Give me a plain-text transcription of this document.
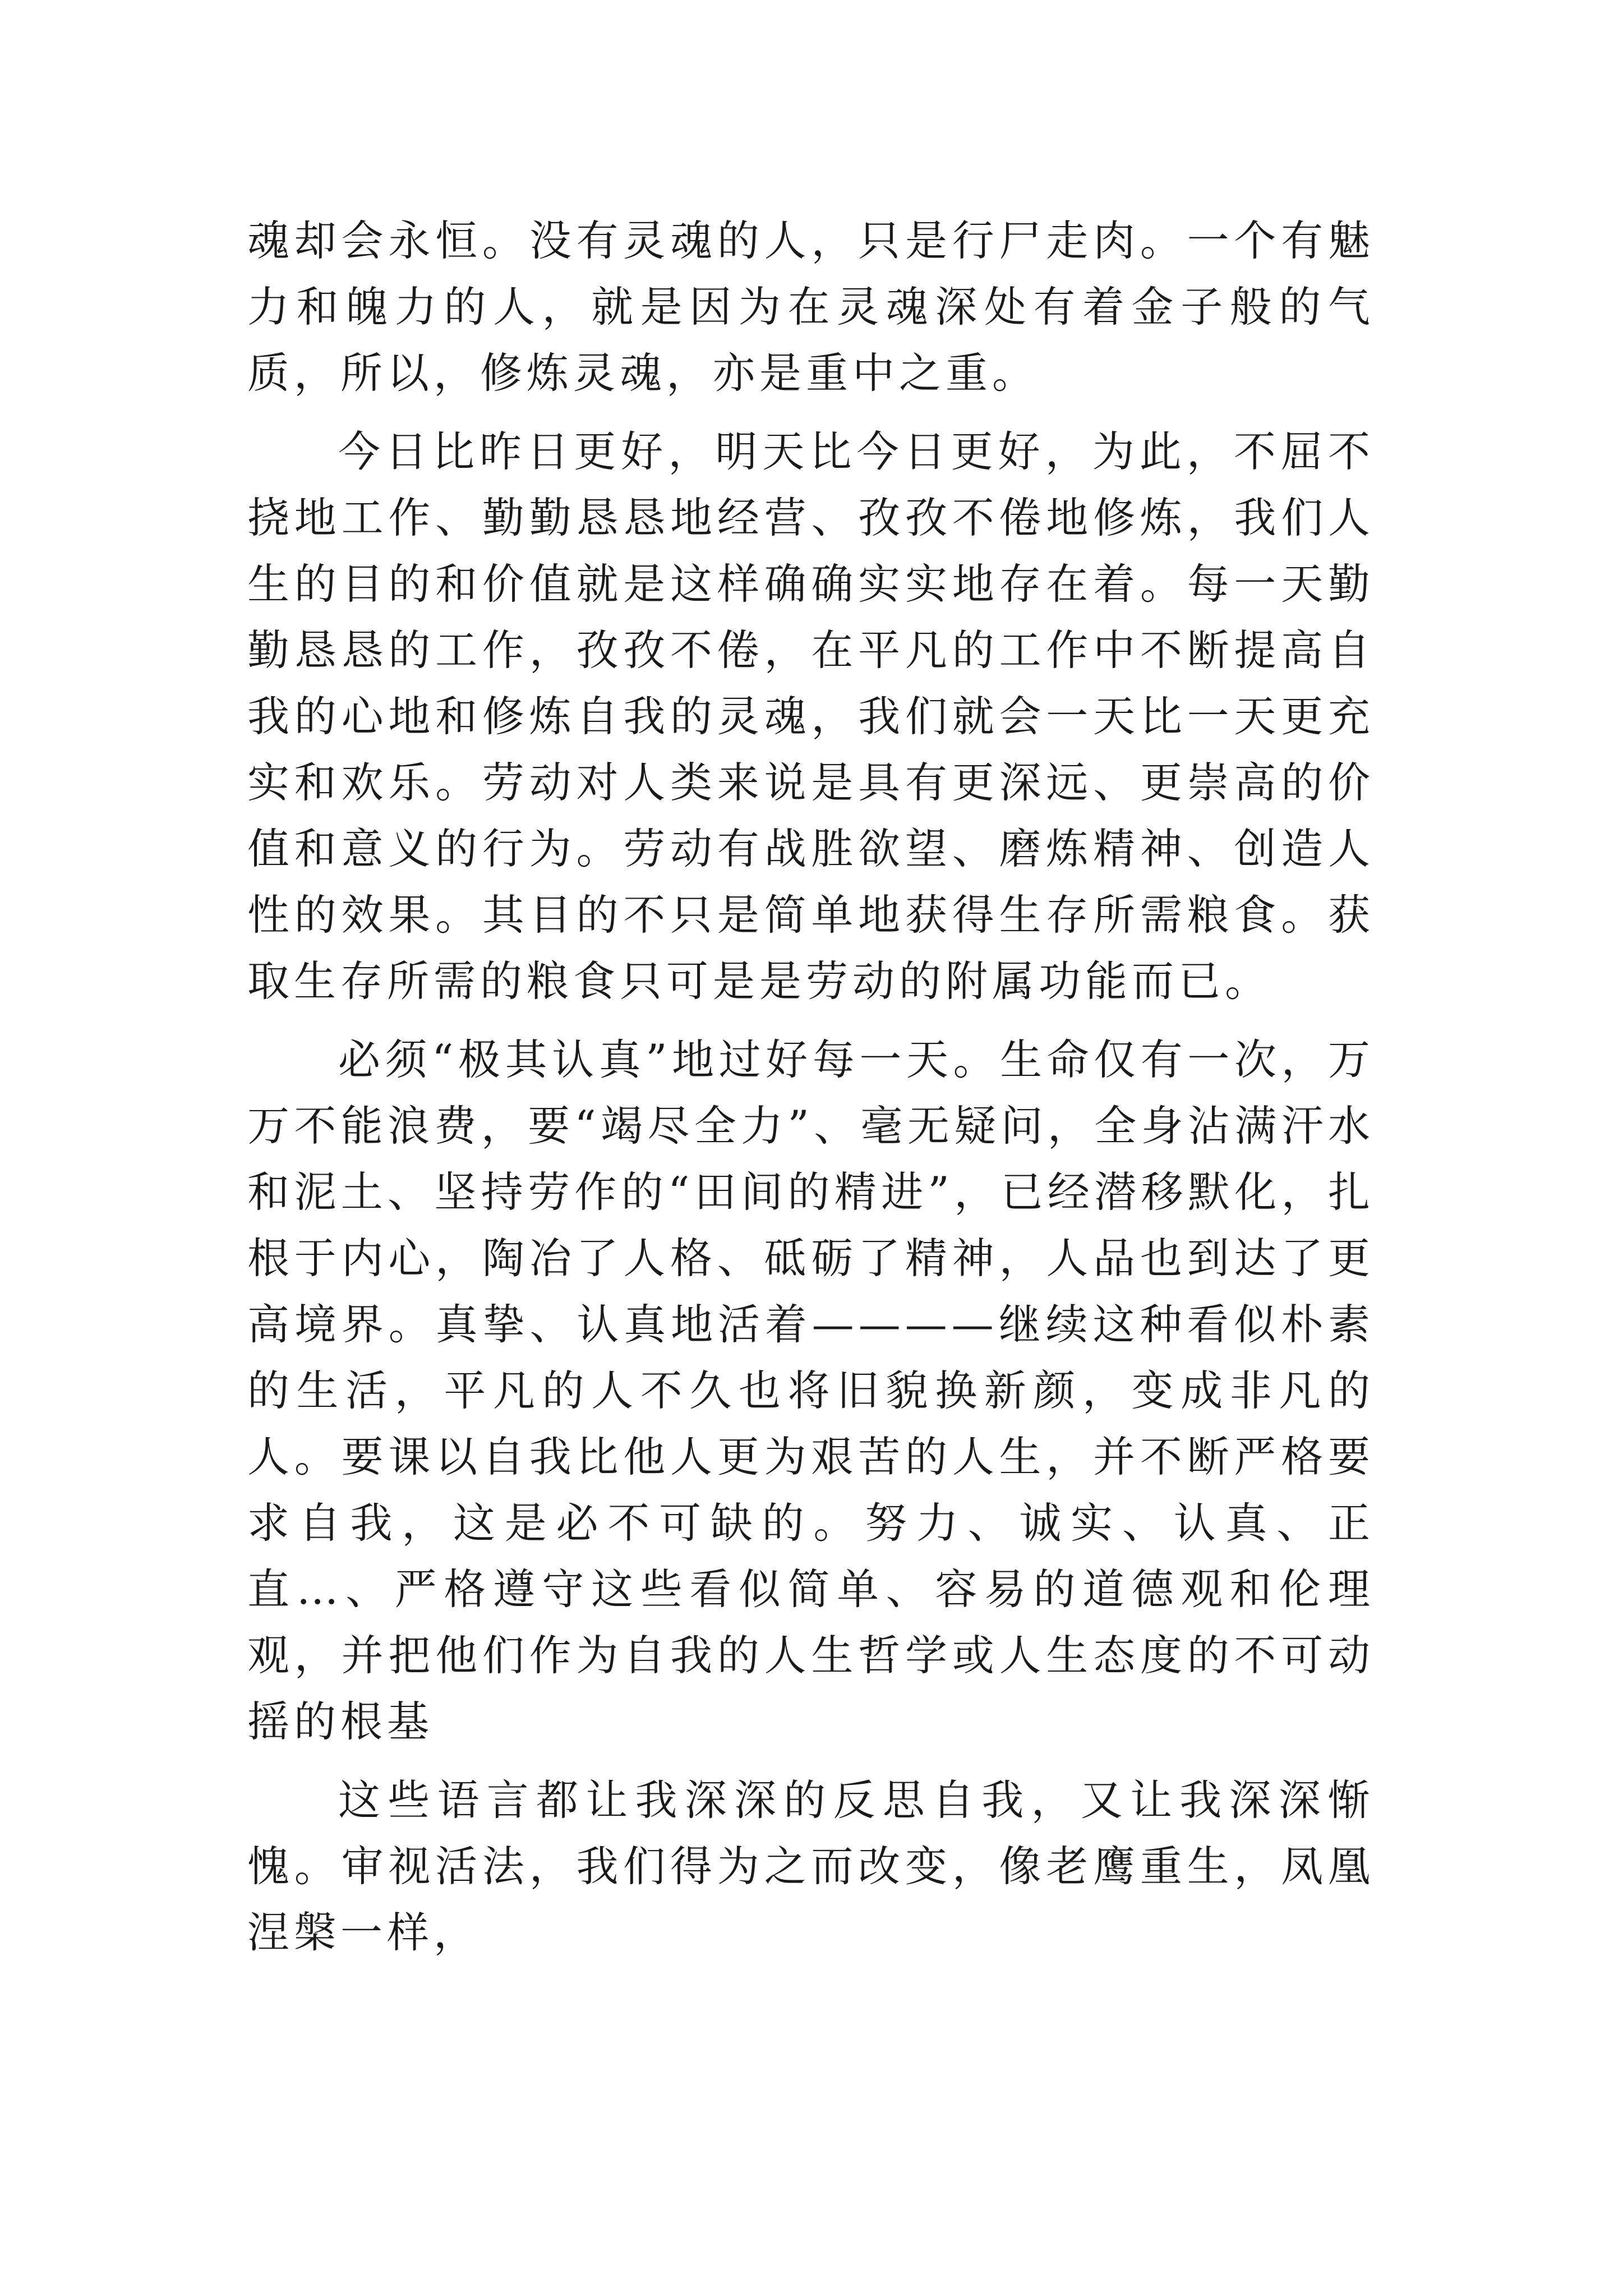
魂却会永恒。没有灵魂的人，只是行尸走肉。一个有魅力和魄力的人，就是因为在灵魂深处有着金子般的气质，所以，修炼灵魂，亦是重中之重。

今日比昨日更好，明天比今日更好，为此，不屈不挠地工作、勤勤恳恳地经营、孜孜不倦地修炼，我们人生的目的和价值就是这样确确实实地存在着。每一天勤勤恳恳的工作，孜孜不倦，在平凡的工作中不断提高自我的心地和修炼自我的灵魂，我们就会一天比一天更充实和欢乐。劳动对人类来说是具有更深远、更崇高的价值和意义的行为。劳动有战胜欲望、磨炼精神、创造人性的效果。其目的不只是简单地获得生存所需粮食。获取生存所需的粮食只可是是劳动的附属功能而已。

必须“极其认真”地过好每一天。生命仅有一次，万万不能浪费，要“竭尽全力”、毫无疑问，全身沾满汗水和泥土、坚持劳作的“田间的精进”，已经潜移默化，扎根于内心，陶冶了人格、砥砺了精神，人品也到达了更高境界。真挚、认真地活着————继续这种看似朴素的生活，平凡的人不久也将旧貌换新颜，变成非凡的人。要课以自我比他人更为艰苦的人生，并不断严格要求自我，这是必不可缺的。努力、诚实、认真、正直…、严格遵守这些看似简单、容易的道德观和伦理观，并把他们作为自我的人生哲学或人生态度的不可动摇的根基

这些语言都让我深深的反思自我，又让我深深惭愧。审视活法，我们得为之而改变，像老鹰重生，凤凰涅槃一样，
